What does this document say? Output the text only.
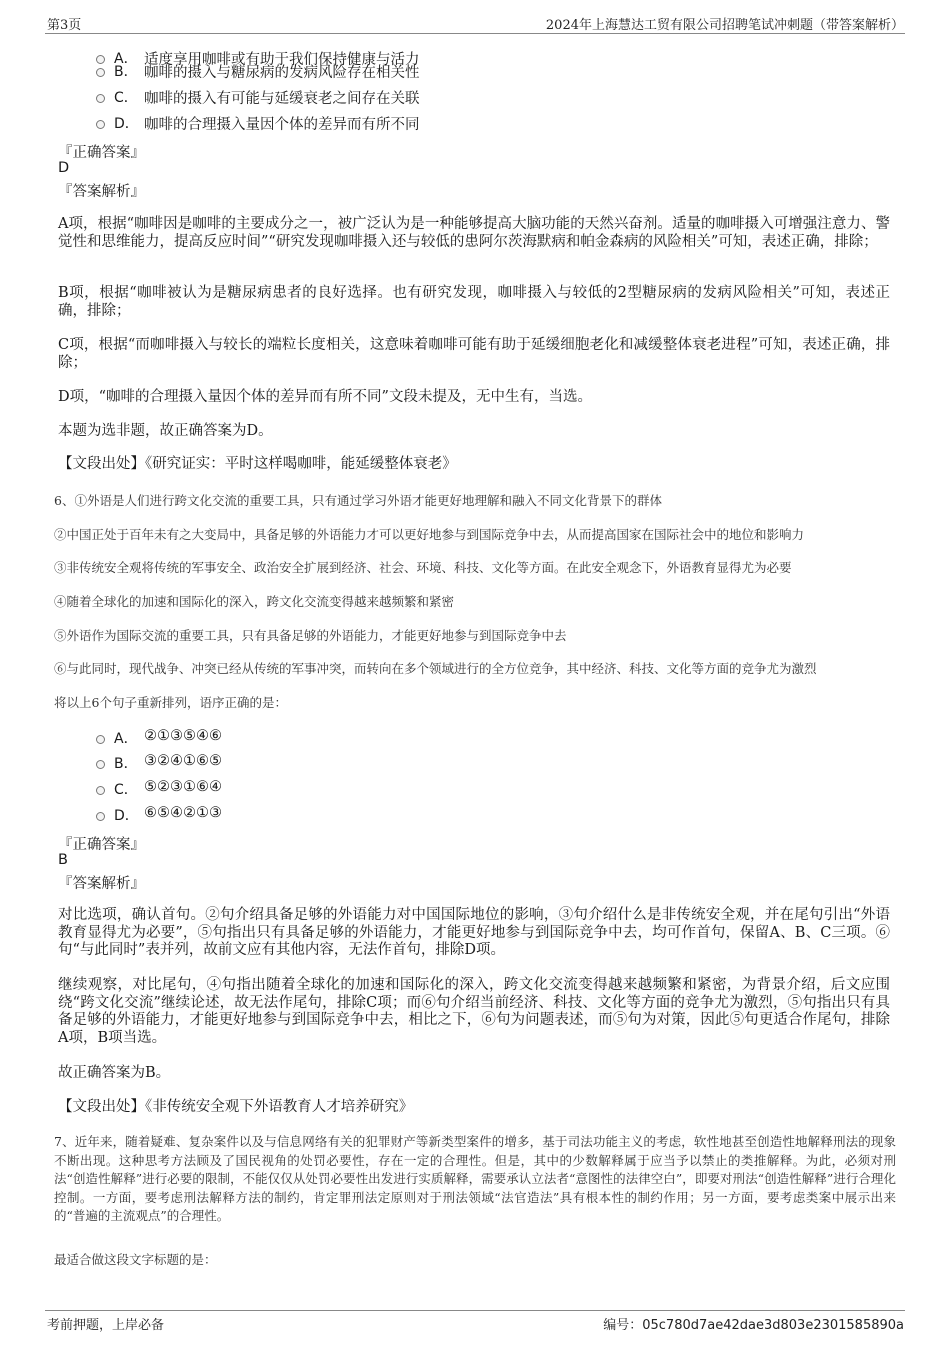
第3页	2024年上海慧达工贸有限公司招聘笔试冲刺题（带答案解析）
A． 适度享用咖啡或有助于我们保持健康与活力
B． 咖啡的摄入与糖尿病的发病风险存在相关性
C． 咖啡的摄入有可能与延缓衰老之间存在关联
D． 咖啡的合理摄入量因个体的差异而有所不同
『正确答案』
D
『答案解析』
A项，根据“咖啡因是咖啡的主要成分之一，被广泛认为是一种能够提高大脑功能的天然兴奋剂。适量的咖啡摄入可增强注意力、警觉性和思维能力，提高反应时间”“研究发现咖啡摄入还与较低的患阿尔茨海默病和帕金森病的风险相关”可知，表述正确，排除；
B项，根据“咖啡被认为是糖尿病患者的良好选择。也有研究发现，咖啡摄入与较低的2型糖尿病的发病风险相关”可知，表述正确，排除；
C项，根据“而咖啡摄入与较长的端粒长度相关，这意味着咖啡可能有助于延缓细胞老化和减缓整体衰老进程”可知，表述正确，排除；
D项，“咖啡的合理摄入量因个体的差异而有所不同”文段未提及，无中生有，当选。
本题为选非题，故正确答案为D。
【文段出处】《研究证实：平时这样喝咖啡，能延缓整体衰老》
6、①外语是人们进行跨文化交流的重要工具，只有通过学习外语才能更好地理解和融入不同文化背景下的群体
②中国正处于百年未有之大变局中，具备足够的外语能力才可以更好地参与到国际竞争中去，从而提高国家在国际社会中的地位和影响力
③非传统安全观将传统的军事安全、政治安全扩展到经济、社会、环境、科技、文化等方面。在此安全观念下，外语教育显得尤为必要
④随着全球化的加速和国际化的深入，跨文化交流变得越来越频繁和紧密
⑤外语作为国际交流的重要工具，只有具备足够的外语能力，才能更好地参与到国际竞争中去
⑥与此同时，现代战争、冲突已经从传统的军事冲突，而转向在多个领域进行的全方位竞争，其中经济、科技、文化等方面的竞争尤为激烈
将以上6个句子重新排列，语序正确的是：
A． ②①③⑤④⑥
B． ③②④①⑥⑤
C． ⑤②③①⑥④
D． ⑥⑤④②①③
『正确答案』
B
『答案解析』
对比选项，确认首句。②句介绍具备足够的外语能力对中国国际地位的影响，③句介绍什么是非传统安全观，并在尾句引出“外语教育显得尤为必要”，⑤句指出只有具备足够的外语能力，才能更好地参与到国际竞争中去，均可作首句，保留A、B、C三项。⑥句“与此同时”表并列，故前文应有其他内容，无法作首句，排除D项。
继续观察，对比尾句，④句指出随着全球化的加速和国际化的深入，跨文化交流变得越来越频繁和紧密，为背景介绍，后文应围绕“跨文化交流”继续论述，故无法作尾句，排除C项；而⑥句介绍当前经济、科技、文化等方面的竞争尤为激烈，⑤句指出只有具备足够的外语能力，才能更好地参与到国际竞争中去，相比之下，⑥句为问题表述，而⑤句为对策，因此⑤句更适合作尾句，排除A项，B项当选。
故正确答案为B。
【文段出处】《非传统安全观下外语教育人才培养研究》
7、近年来，随着疑难、复杂案件以及与信息网络有关的犯罪财产等新类型案件的增多，基于司法功能主义的考虑，软性地甚至创造性地解释刑法的现象不断出现。这种思考方法顾及了国民视角的处罚必要性，存在一定的合理性。但是，其中的少数解释属于应当予以禁止的类推解释。为此，必须对刑法“创造性解释”进行必要的限制，不能仅仅从处罚必要性出发进行实质解释，需要承认立法者“意图性的法律空白”，即要对刑法“创造性解释”进行合理化控制。一方面，要考虑刑法解释方法的制约，肯定罪刑法定原则对于刑法领域“法官造法”具有根本性的制约作用；另一方面，要考虑类案中展示出来的“普遍的主流观点”的合理性。
最适合做这段文字标题的是：
考前押题，上岸必备	编号：05c780d7ae42dae3d803e2301585890a
